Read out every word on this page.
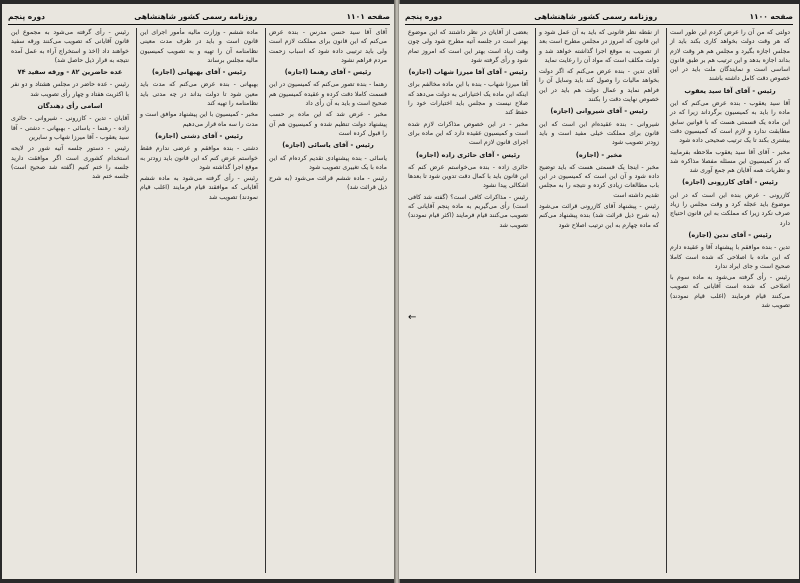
صفحه ۱۱۰۱
روزنامه رسمی کشور شاهنشاهی
دوره پنجم

آقای آقا سید حسن مدرس - بنده عرض می‌کنم که این قانون برای مملکت لازم است ولی باید ترتیبی داده شود که اسباب زحمت مردم فراهم نشود

رئیس - آقای رهنما (اجازه)

رهنما - بنده تصور می‌کنم که کمیسیون در این قسمت کاملا دقت کرده و عقیده کمیسیون هم صحیح است و باید به آن رأی داد

مخبر - عرض شد که این ماده بر حسب پیشنهاد دولت تنظیم شده و کمیسیون هم آن را قبول کرده است

رئیس - آقای یاسائی (اجازه)

یاسائی - بنده پیشنهادی تقدیم کرده‌ام که این ماده با یک تغییری تصویب شود

رئیس - ماده ششم قرائت می‌شود (به شرح ذیل قرائت شد)

ماده ششم - وزارت مالیه مأمور اجرای این قانون است و باید در ظرف مدت معینی نظامنامه آن را تهیه و به تصویب کمیسیون مالیه مجلس برساند

رئیس - آقای بهبهانی (اجازه)

بهبهانی - بنده عرض می‌کنم که مدت باید معین شود تا دولت بداند در چه مدتی باید نظامنامه را تهیه کند

مخبر - کمیسیون با این پیشنهاد موافق است و مدت را سه ماه قرار می‌دهیم

رئیس - آقای دشتی (اجازه)

دشتی - بنده موافقم و عرضی ندارم فقط خواستم عرض کنم که این قانون باید زودتر به موقع اجرا گذاشته شود

رئیس - رأی گرفته می‌شود به ماده ششم آقایانی که موافقند قیام فرمایند (اغلب قیام نمودند) تصویب شد

رئیس - رأی گرفته می‌شود به مجموع این قانون آقایانی که تصویب می‌کنند ورقه سفید خواهند داد (اخذ و استخراج آراء به عمل آمده نتیجه به قرار ذیل حاصل شد)

عده حاضرین ۸۲ - ورقه سفید ۷۴

رئیس - عده حاضر در مجلس هشتاد و دو نفر با اکثریت هفتاد و چهار رأی تصویب شد

اسامی رأی دهندگان

آقایان - تدین - کازرونی - شیروانی - حائری زاده - رهنما - یاسائی - بهبهانی - دشتی - آقا سید یعقوب - آقا میرزا شهاب و سایرین

رئیس - دستور جلسه آتیه شور در لایحه استخدام کشوری است اگر موافقت دارید جلسه را ختم کنیم (گفته شد صحیح است) جلسه ختم شد

صفحه ۱۱۰۰
روزنامه رسمی کشور شاهنشاهی
دوره پنجم

دولتی که من آن را عرض کردم این طور است که هر وقت دولت بخواهد کاری بکند باید از مجلس اجازه بگیرد و مجلس هم هر وقت لازم بداند اجازه بدهد و این ترتیب هم بر طبق قانون اساسی است و نمایندگان ملت باید در این خصوص دقت کامل داشته باشند

رئیس - آقای آقا سید یعقوب

آقا سید یعقوب - بنده عرض می‌کنم که این ماده را باید به کمیسیون برگرداند زیرا که در این ماده یک قسمتی هست که با قوانین سابق مطابقت ندارد و لازم است که کمیسیون دقت بیشتری بکند تا یک ترتیب صحیحی داده شود

مخبر - آقای آقا سید یعقوب ملاحظه بفرمایید که در کمیسیون این مسئله مفصلا مذاکره شد و نظریات همه آقایان هم جمع آوری شد

رئیس - آقای کازرونی (اجازه)

کازرونی - عرض بنده این است که در این موضوع باید عجله کرد و وقت مجلس را زیاد صرف نکرد زیرا که مملکت به این قانون احتیاج دارد

رئیس - آقای تدین (اجازه)

تدین - بنده موافقم با پیشنهاد آقا و عقیده دارم که این ماده با اصلاحی که شده است کاملا صحیح است و جای ایراد ندارد

رئیس - رأی گرفته می‌شود به ماده سوم با اصلاحی که شده است آقایانی که تصویب می‌کنند قیام فرمایند (اغلب قیام نمودند) تصویب شد

از نقطه نظر قانونی که باید به آن عمل شود و این قانون که امروز در مجلس مطرح است بعد از تصویب به موقع اجرا گذاشته خواهد شد و دولت مکلف است که مواد آن را رعایت نماید

آقای تدین - بنده عرض می‌کنم که اگر دولت بخواهد مالیات را وصول کند باید وسایل آن را فراهم نماید و عمال دولت هم باید در این خصوص نهایت دقت را بکنند

رئیس - آقای شیروانی (اجازه)

شیروانی - بنده عقیده‌ام این است که این قانون برای مملکت خیلی مفید است و باید زودتر تصویب شود

مخبر - (اجازه)

مخبر - اینجا یک قسمتی هست که باید توضیح داده شود و آن این است که کمیسیون در این باب مطالعات زیادی کرده و نتیجه را به مجلس تقدیم داشته است

رئیس - پیشنهاد آقای کازرونی قرائت می‌شود (به شرح ذیل قرائت شد) بنده پیشنهاد می‌کنم که ماده چهارم به این ترتیب اصلاح شود

بعضی از آقایان در نظر داشتند که این موضوع بهتر است در جلسه آتیه مطرح شود ولی چون وقت زیاد است بهتر این است که امروز تمام شود و رأی گرفته شود

رئیس - آقای آقا میرزا شهاب (اجازه)

آقا میرزا شهاب - بنده با این ماده مخالفم برای اینکه این ماده یک اختیاراتی به دولت می‌دهد که صلاح نیست و مجلس باید اختیارات خود را حفظ کند

مخبر - در این خصوص مذاکرات لازم شده است و کمیسیون عقیده دارد که این ماده برای اجرای قانون لازم است

رئیس - آقای حائری زاده (اجازه)

حائری زاده - بنده می‌خواستم عرض کنم که این قانون باید با کمال دقت تدوین شود تا بعدها اشکالی پیدا نشود

رئیس - مذاکرات کافی است؟ (گفته شد کافی است) رأی می‌گیریم به ماده پنجم آقایانی که تصویب می‌کنند قیام فرمایند (اکثر قیام نمودند) تصویب شد

←
